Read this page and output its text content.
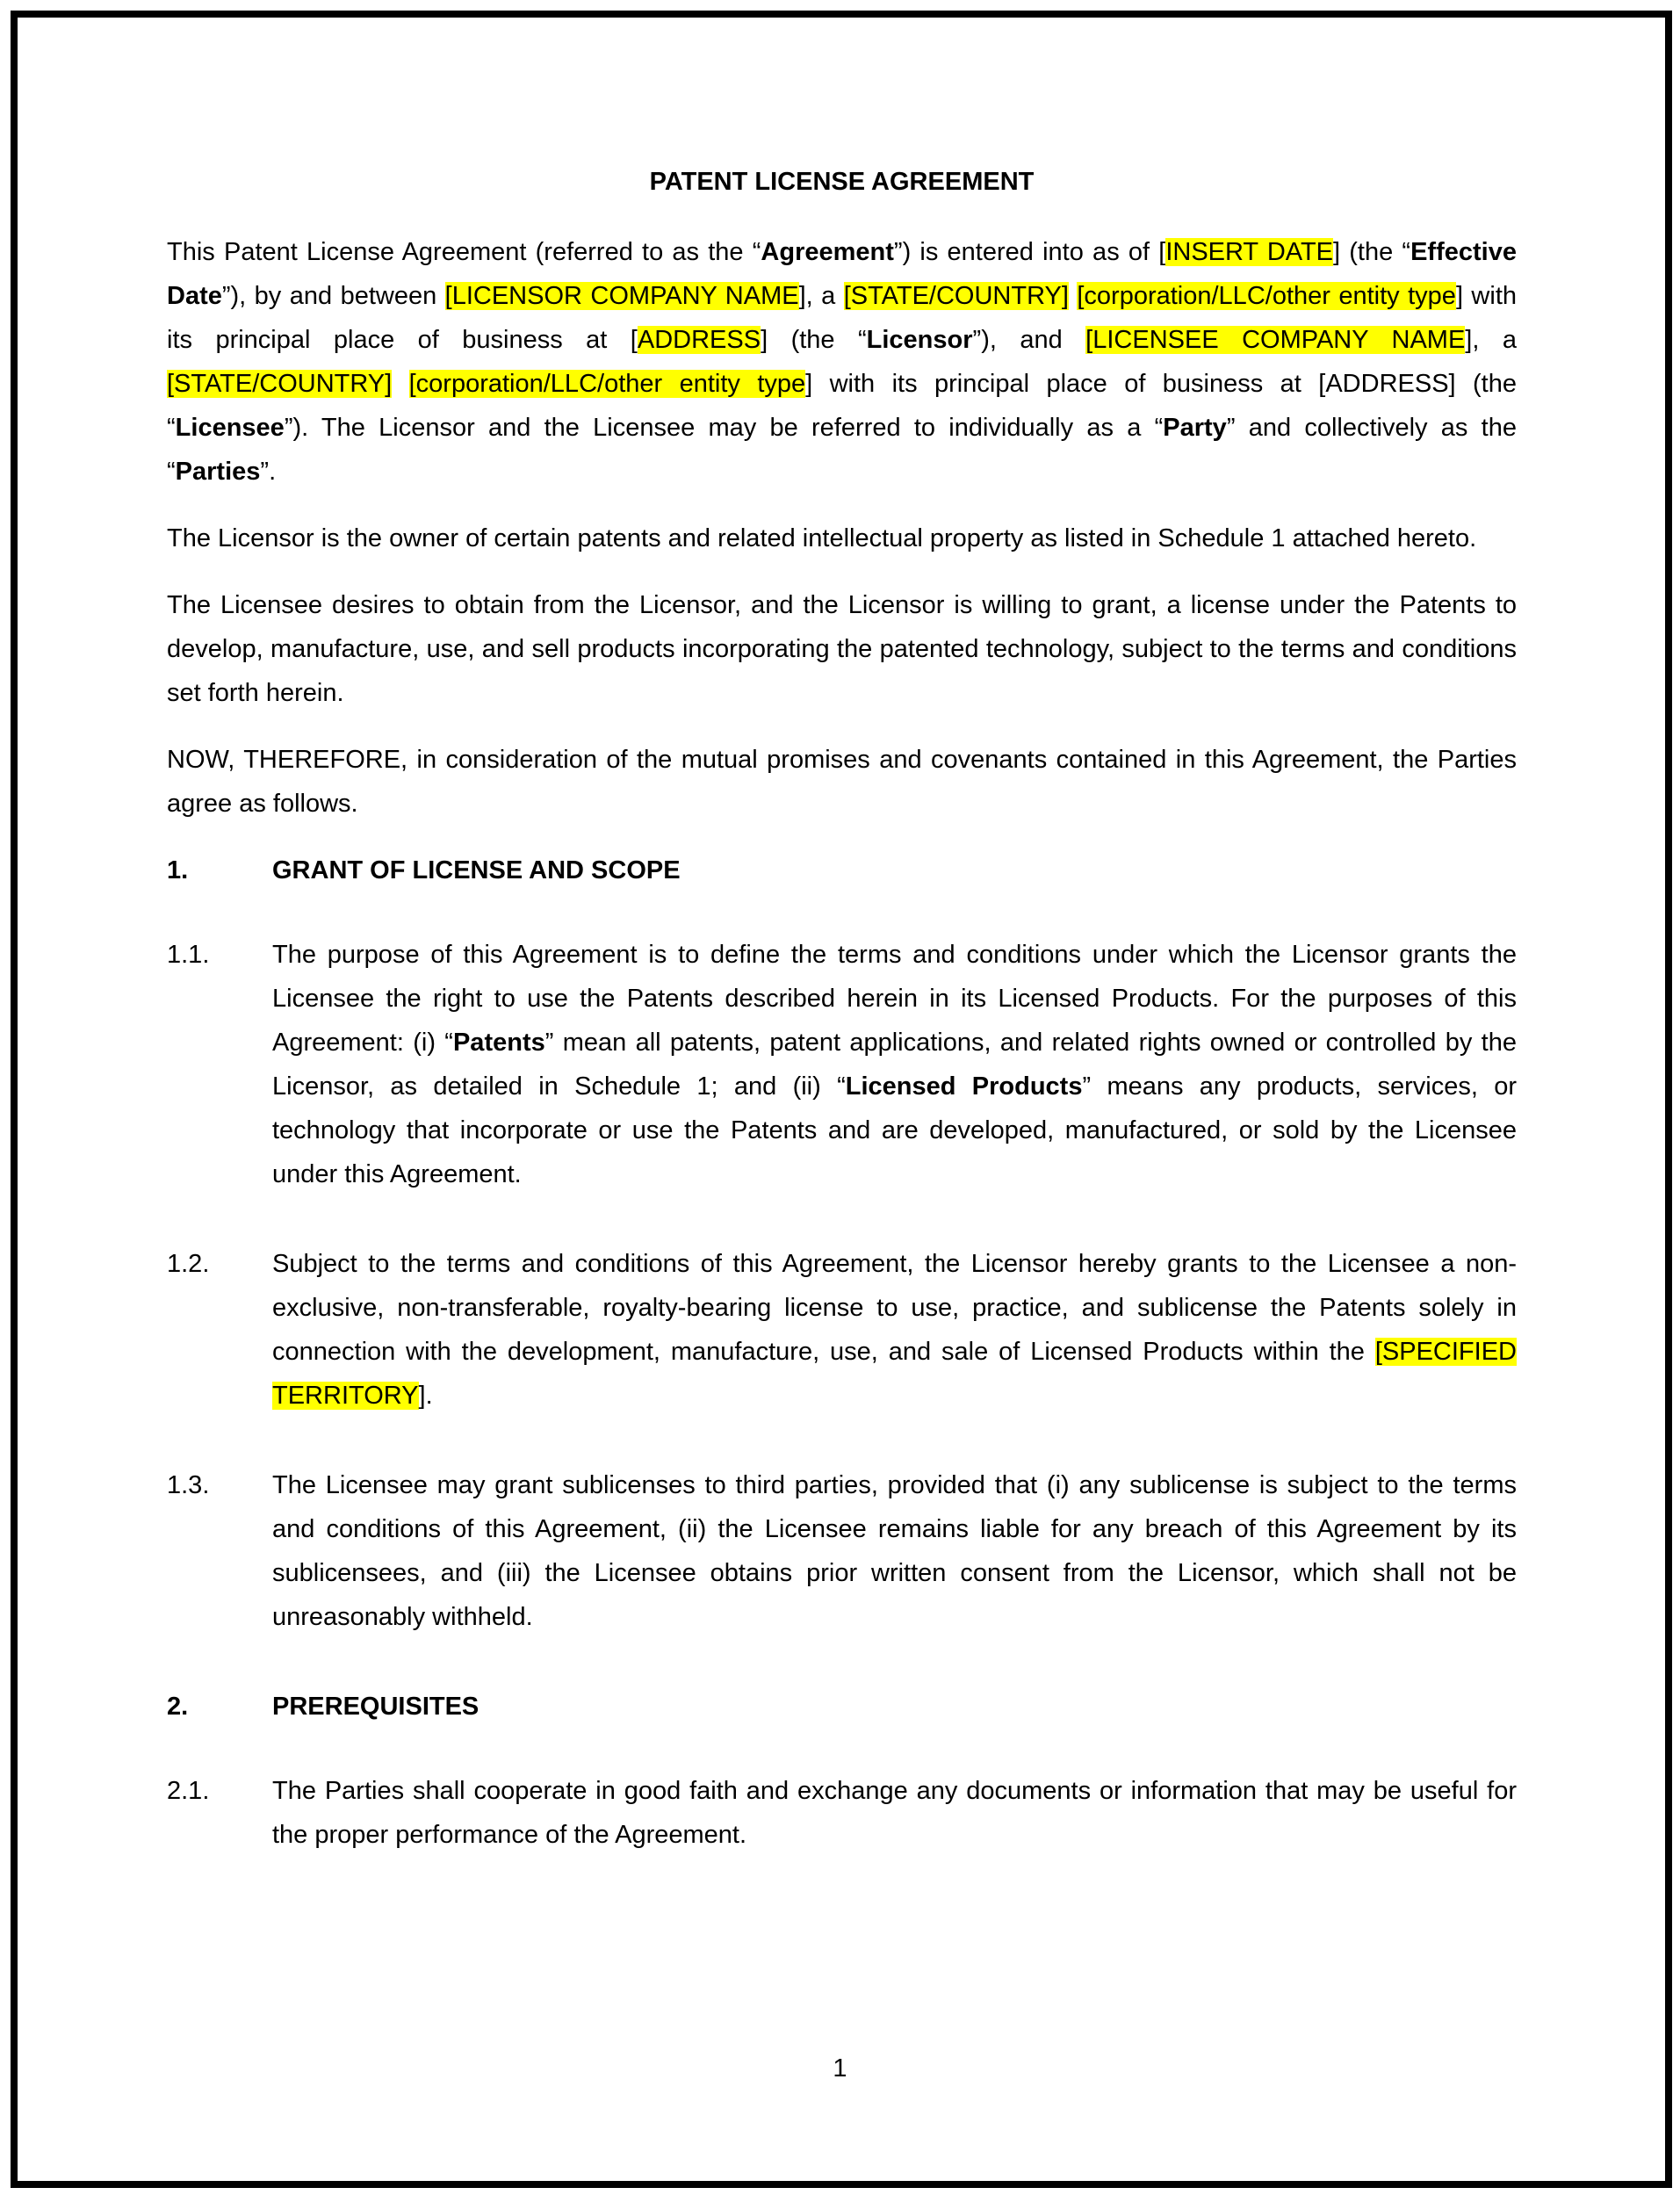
PATENT LICENSE AGREEMENT

This Patent License Agreement (referred to as the “Agreement”) is entered into as of [INSERT DATE] (the “Effective Date”), by and between [LICENSOR COMPANY NAME], a [STATE/COUNTRY] [corporation/LLC/other entity type] with its principal place of business at [ADDRESS] (the “Licensor”), and [LICENSEE COMPANY NAME], a [STATE/COUNTRY] [corporation/LLC/other entity type] with its principal place of business at [ADDRESS] (the “Licensee”). The Licensor and the Licensee may be referred to individually as a “Party” and collectively as the “Parties”.

The Licensor is the owner of certain patents and related intellectual property as listed in Schedule 1 attached hereto.

The Licensee desires to obtain from the Licensor, and the Licensor is willing to grant, a license under the Patents to develop, manufacture, use, and sell products incorporating the patented technology, subject to the terms and conditions set forth herein.

NOW, THEREFORE, in consideration of the mutual promises and covenants contained in this Agreement, the Parties agree as follows.

1.	GRANT OF LICENSE AND SCOPE
1.1.	The purpose of this Agreement is to define the terms and conditions under which the Licensor grants the Licensee the right to use the Patents described herein in its Licensed Products. For the purposes of this Agreement: (i) “Patents” mean all patents, patent applications, and related rights owned or controlled by the Licensor, as detailed in Schedule 1; and (ii) “Licensed Products” means any products, services, or technology that incorporate or use the Patents and are developed, manufactured, or sold by the Licensee under this Agreement.
1.2.	Subject to the terms and conditions of this Agreement, the Licensor hereby grants to the Licensee a non-exclusive, non-transferable, royalty-bearing license to use, practice, and sublicense the Patents solely in connection with the development, manufacture, use, and sale of Licensed Products within the [SPECIFIED TERRITORY].
1.3.	The Licensee may grant sublicenses to third parties, provided that (i) any sublicense is subject to the terms and conditions of this Agreement, (ii) the Licensee remains liable for any breach of this Agreement by its sublicensees, and (iii) the Licensee obtains prior written consent from the Licensor, which shall not be unreasonably withheld.
2.	PREREQUISITES
2.1.	The Parties shall cooperate in good faith and exchange any documents or information that may be useful for the proper performance of the Agreement.
1
